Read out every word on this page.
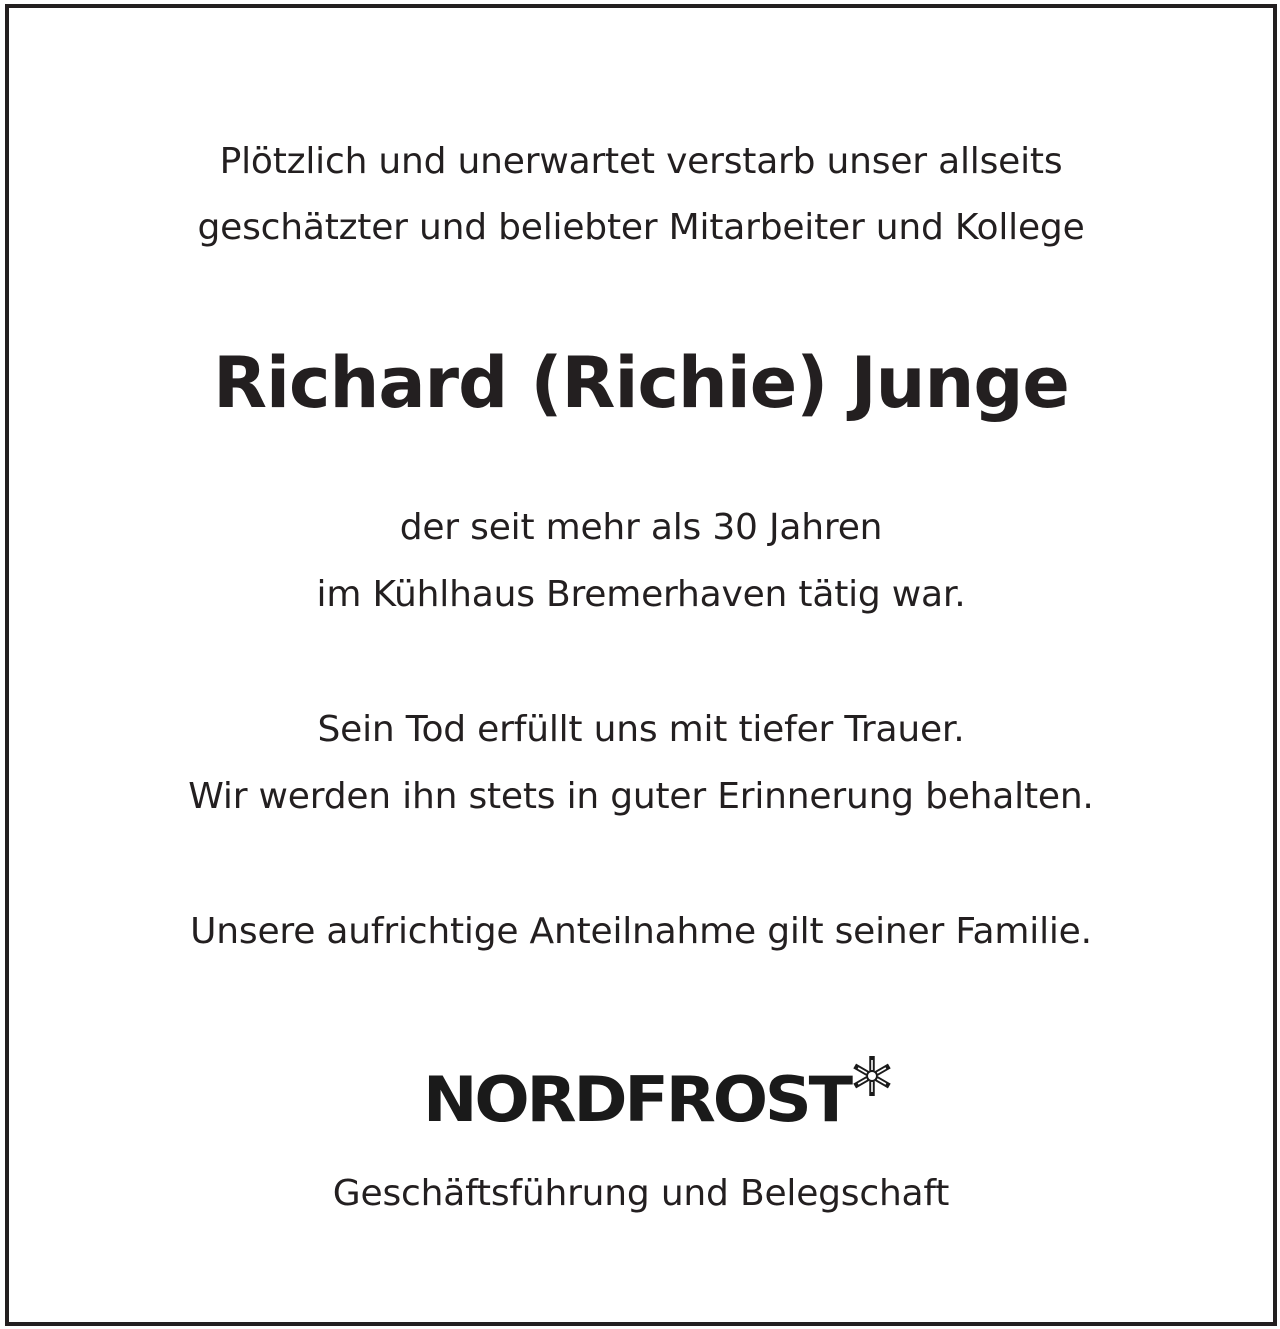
Plötzlich und unerwartet verstarb unser allseits
geschätzter und beliebter Mitarbeiter und Kollege
Richard (Richie) Junge
der seit mehr als 30 Jahren
im Kühlhaus Bremerhaven tätig war.
Sein Tod erfüllt uns mit tiefer Trauer.
Wir werden ihn stets in guter Erinnerung behalten.
Unsere aufrichtige Anteilnahme gilt seiner Familie.
NORDFROST
Geschäftsführung und Belegschaft
